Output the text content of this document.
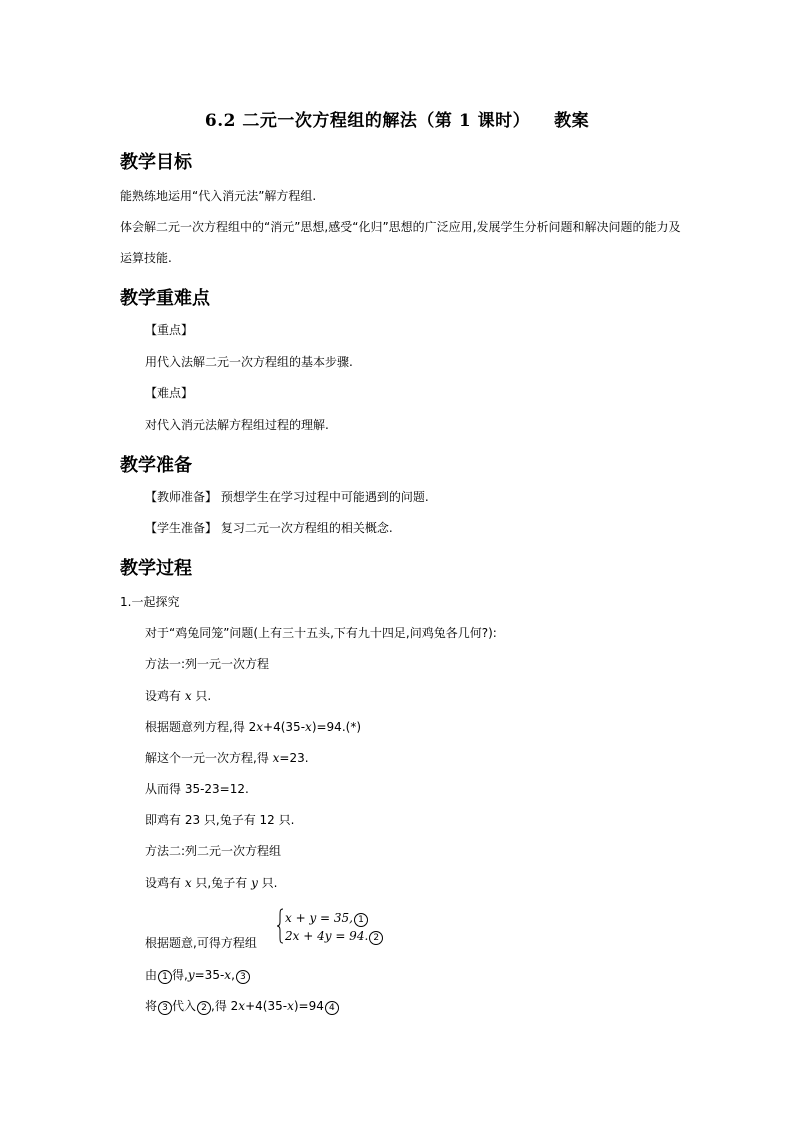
6.2 二元一次方程组的解法（第 1 课时） 教案
教学目标
能熟练地运用“代入消元法”解方程组.
体会解二元一次方程组中的“消元”思想,感受“化归”思想的广泛应用,发展学生分析问题和解决问题的能力及
运算技能.
教学重难点
【重点】
用代入法解二元一次方程组的基本步骤.
【难点】
对代入消元法解方程组过程的理解.
教学准备
【教师准备】 预想学生在学习过程中可能遇到的问题.
【学生准备】 复习二元一次方程组的相关概念.
教学过程
1.一起探究
对于“鸡兔同笼”问题(上有三十五头,下有九十四足,问鸡兔各几何?):
方法一:列一元一次方程
设鸡有 x 只.
根据题意列方程,得 2x+4(35-x)=94.(*)
解这个一元一次方程,得 x=23.
从而得 35-23=12.
即鸡有 23 只,兔子有 12 只.
方法二:列二元一次方程组
设鸡有 x 只,兔子有 y 只.
根据题意,可得方程组
x + y = 35, 1
2x + 4y = 94. 2
由 1 得,y=35-x, 3
将 3 代入 2 ,得 2x+4(35-x)=94 4
